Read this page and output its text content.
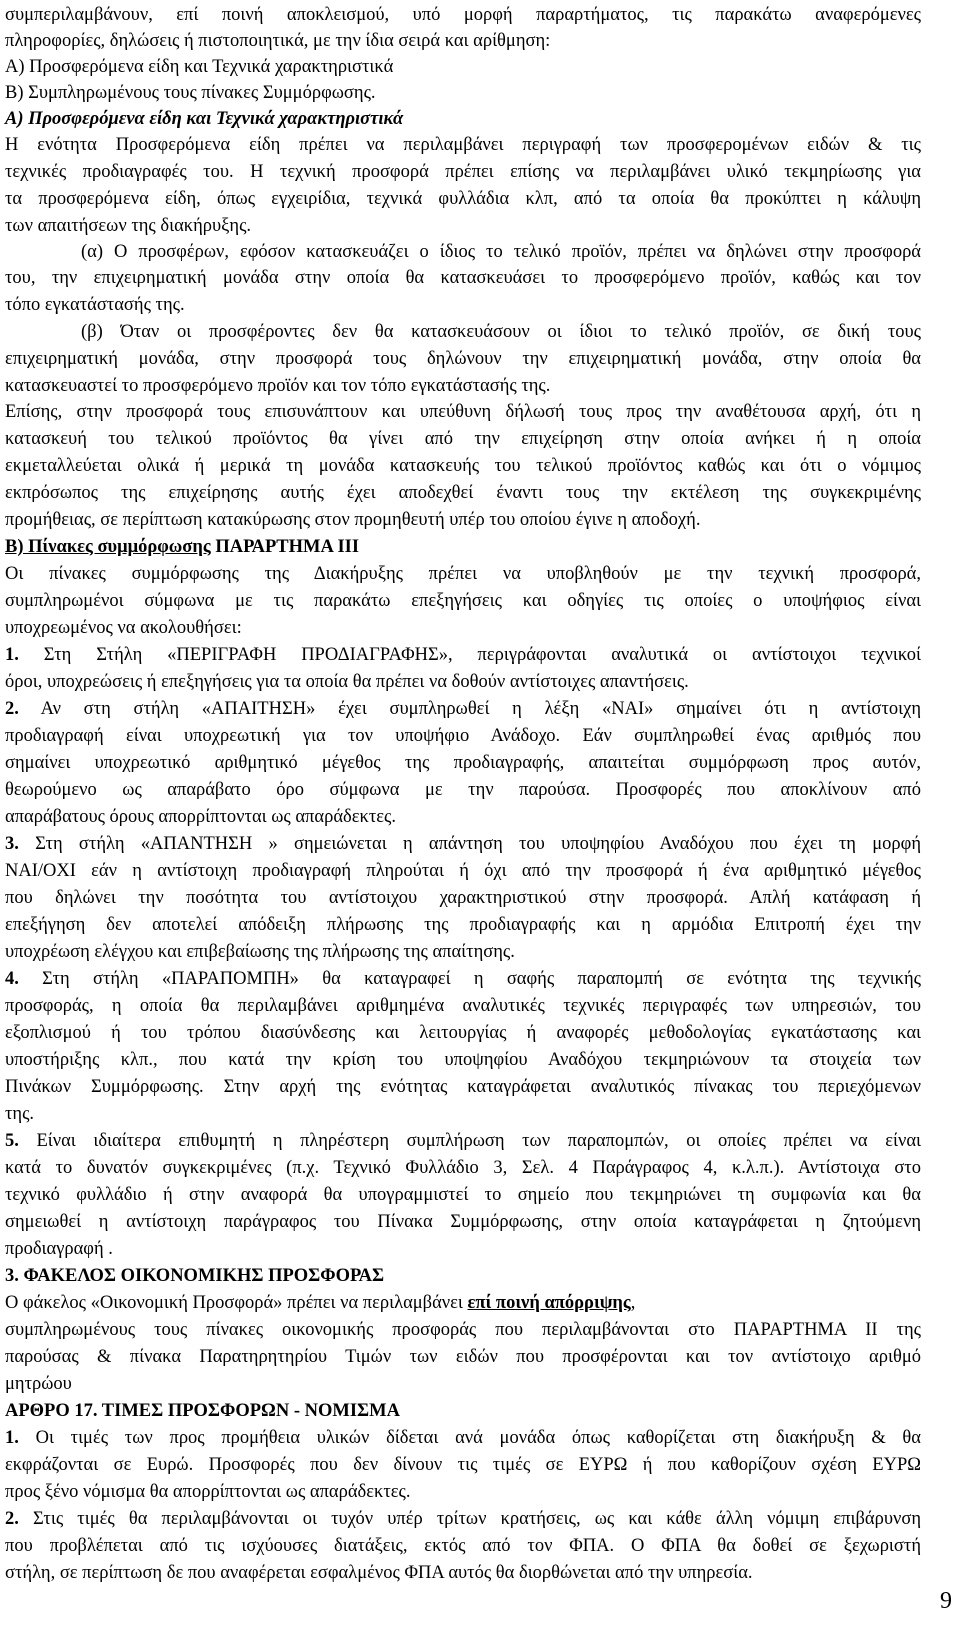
συμπεριλαμβάνουν, επί ποινή αποκλεισμού, υπό μορφή παραρτήματος, τις παρακάτω αναφερόμενες
πληροφορίες, δηλώσεις ή πιστοποιητικά, με την ίδια σειρά και αρίθμηση:
Α) Προσφερόμενα είδη και Τεχνικά χαρακτηριστικά
Β) Συμπληρωμένους τους πίνακες Συμμόρφωσης.
Α) Προσφερόμενα είδη και Τεχνικά χαρακτηριστικά
Η ενότητα Προσφερόμενα είδη πρέπει να περιλαμβάνει περιγραφή των προσφερομένων ειδών & τις
τεχνικές προδιαγραφές του. Η τεχνική προσφορά πρέπει επίσης να περιλαμβάνει υλικό τεκμηρίωσης για
τα προσφερόμενα είδη, όπως εγχειρίδια, τεχνικά φυλλάδια κλπ, από τα οποία θα προκύπτει η κάλυψη
των απαιτήσεων της διακήρυξης.
(α) Ο προσφέρων, εφόσον κατασκευάζει ο ίδιος το τελικό προϊόν, πρέπει να δηλώνει στην προσφορά
του, την επιχειρηματική μονάδα στην οποία θα κατασκευάσει το προσφερόμενο προϊόν, καθώς και τον
τόπο εγκατάστασής της.
(β) Όταν οι προσφέροντες δεν θα κατασκευάσουν οι ίδιοι το τελικό προϊόν, σε δική τους
επιχειρηματική μονάδα, στην προσφορά τους δηλώνουν την επιχειρηματική μονάδα, στην οποία θα
κατασκευαστεί το προσφερόμενο προϊόν και τον τόπο εγκατάστασής της.
Επίσης, στην προσφορά τους επισυνάπτουν και υπεύθυνη δήλωσή τους προς την αναθέτουσα αρχή, ότι η
κατασκευή του τελικού προϊόντος θα γίνει από την επιχείρηση στην οποία ανήκει ή η οποία
εκμεταλλεύεται ολικά ή μερικά τη μονάδα κατασκευής του τελικού προϊόντος καθώς και ότι ο νόμιμος
εκπρόσωπος της επιχείρησης αυτής έχει αποδεχθεί έναντι τους την εκτέλεση της συγκεκριμένης
προμήθειας, σε περίπτωση κατακύρωσης στον προμηθευτή υπέρ του οποίου έγινε η αποδοχή.
Β) Πίνακες συμμόρφωσης ΠΑΡΑΡΤΗΜΑ ΙΙΙ
Οι πίνακες συμμόρφωσης της Διακήρυξης πρέπει να υποβληθούν με την τεχνική προσφορά,
συμπληρωμένοι σύμφωνα με τις παρακάτω επεξηγήσεις και οδηγίες τις οποίες ο υποψήφιος είναι
υποχρεωμένος να ακολουθήσει:
1. Στη Στήλη «ΠΕΡΙΓΡΑΦΗ ΠΡΟΔΙΑΓΡΑΦΗΣ», περιγράφονται αναλυτικά οι αντίστοιχοι τεχνικοί
όροι, υποχρεώσεις ή επεξηγήσεις για τα οποία θα πρέπει να δοθούν αντίστοιχες απαντήσεις.
2. Αν στη στήλη «ΑΠΑΙΤΗΣΗ» έχει συμπληρωθεί η λέξη «ΝΑΙ» σημαίνει ότι η αντίστοιχη
προδιαγραφή είναι υποχρεωτική για τον υποψήφιο Ανάδοχο. Εάν συμπληρωθεί ένας αριθμός που
σημαίνει υποχρεωτικό αριθμητικό μέγεθος της προδιαγραφής, απαιτείται συμμόρφωση προς αυτόν,
θεωρούμενο ως απαράβατο όρο σύμφωνα με την παρούσα. Προσφορές που αποκλίνουν από
απαράβατους όρους απορρίπτονται ως απαράδεκτες.
3. Στη στήλη «ΑΠΑΝΤΗΣΗ » σημειώνεται η απάντηση του υποψηφίου Αναδόχου που έχει τη μορφή
ΝΑΙ/ΟΧΙ εάν η αντίστοιχη προδιαγραφή πληρούται ή όχι από την προσφορά ή ένα αριθμητικό μέγεθος
που δηλώνει την ποσότητα του αντίστοιχου χαρακτηριστικού στην προσφορά. Απλή κατάφαση ή
επεξήγηση δεν αποτελεί απόδειξη πλήρωσης της προδιαγραφής και η αρμόδια Επιτροπή έχει την
υποχρέωση ελέγχου και επιβεβαίωσης της πλήρωσης της απαίτησης.
4. Στη στήλη «ΠΑΡΑΠΟΜΠΗ» θα καταγραφεί η σαφής παραπομπή σε ενότητα της τεχνικής
προσφοράς, η οποία θα περιλαμβάνει αριθμημένα αναλυτικές τεχνικές περιγραφές των υπηρεσιών, του
εξοπλισμού ή του τρόπου διασύνδεσης και λειτουργίας ή αναφορές μεθοδολογίας εγκατάστασης και
υποστήριξης κλπ., που κατά την κρίση του υποψηφίου Αναδόχου τεκμηριώνουν τα στοιχεία των
Πινάκων Συμμόρφωσης. Στην αρχή της ενότητας καταγράφεται αναλυτικός πίνακας του περιεχόμενων
της.
5. Είναι ιδιαίτερα επιθυμητή η πληρέστερη συμπλήρωση των παραπομπών, οι οποίες πρέπει να είναι
κατά το δυνατόν συγκεκριμένες (π.χ. Τεχνικό Φυλλάδιο 3, Σελ. 4 Παράγραφος 4, κ.λ.π.). Αντίστοιχα στο
τεχνικό φυλλάδιο ή στην αναφορά θα υπογραμμιστεί το σημείο που τεκμηριώνει τη συμφωνία και θα
σημειωθεί η αντίστοιχη παράγραφος του Πίνακα Συμμόρφωσης, στην οποία καταγράφεται η ζητούμενη
προδιαγραφή .
3. ΦΑΚΕΛΟΣ ΟΙΚΟΝΟΜΙΚΗΣ ΠΡΟΣΦΟΡΑΣ
Ο φάκελος «Οικονομική Προσφορά» πρέπει να περιλαμβάνει επί ποινή απόρριψης,
συμπληρωμένους τους πίνακες οικονομικής προσφοράς που περιλαμβάνονται στο ΠΑΡΑΡΤΗΜΑ ΙΙ της
παρούσας & πίνακα Παρατηρητηρίου Τιμών των ειδών που προσφέρονται και τον αντίστοιχο αριθμό
μητρώου
ΑΡΘΡΟ 17. ΤΙΜΕΣ ΠΡΟΣΦΟΡΩΝ - ΝΟΜΙΣΜΑ
1. Οι τιμές των προς προμήθεια υλικών δίδεται ανά μονάδα όπως καθορίζεται στη διακήρυξη & θα
εκφράζονται σε Ευρώ. Προσφορές που δεν δίνουν τις τιμές σε ΕΥΡΩ ή που καθορίζουν σχέση ΕΥΡΩ
προς ξένο νόμισμα θα απορρίπτονται ως απαράδεκτες.
2. Στις τιμές θα περιλαμβάνονται οι τυχόν υπέρ τρίτων κρατήσεις, ως και κάθε άλλη νόμιμη επιβάρυνση
που προβλέπεται από τις ισχύουσες διατάξεις, εκτός από τον ΦΠΑ. Ο ΦΠΑ θα δοθεί σε ξεχωριστή
στήλη, σε περίπτωση δε που αναφέρεται εσφαλμένος ΦΠΑ αυτός θα διορθώνεται από την υπηρεσία.
9
